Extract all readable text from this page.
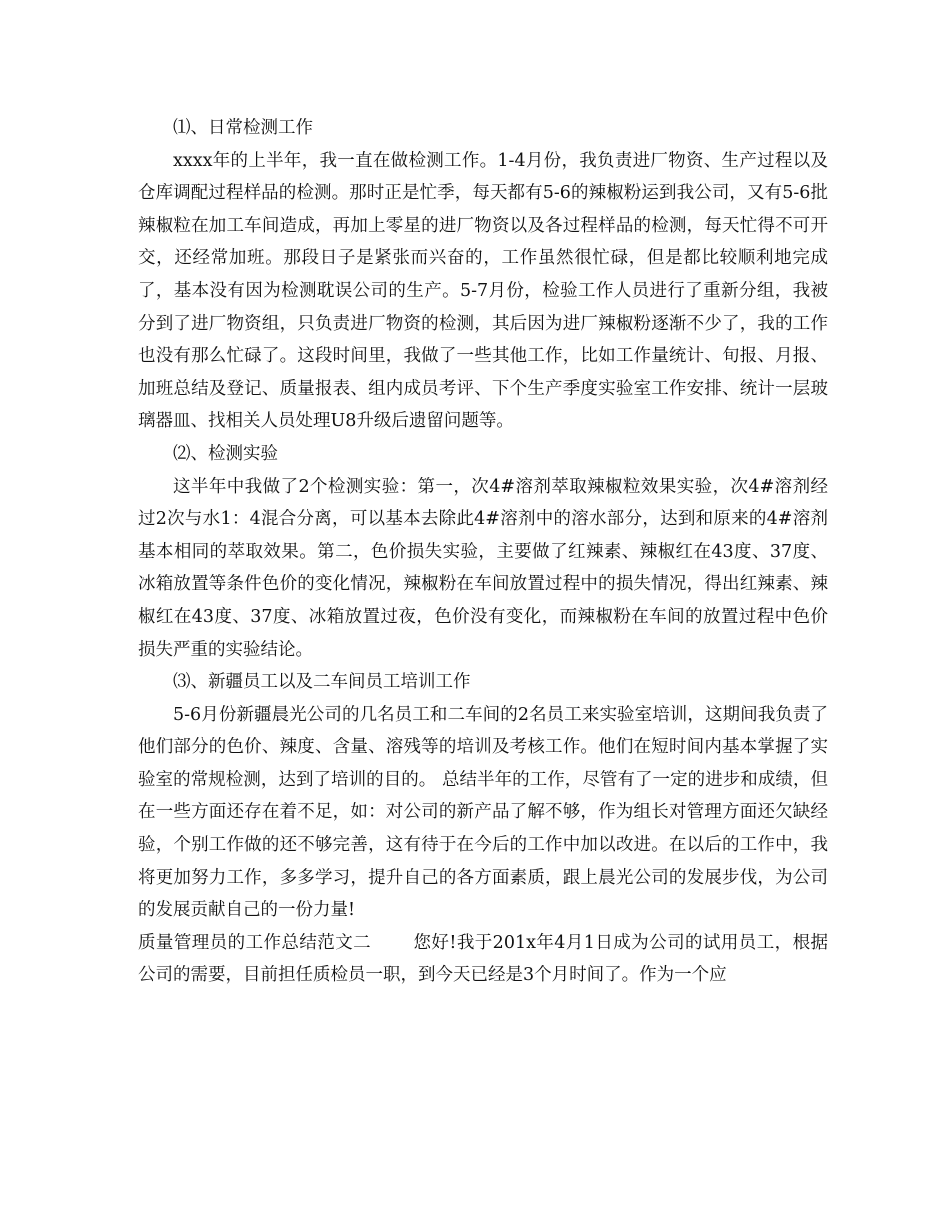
⑴、日常检测工作

xxxx年的上半年，我一直在做检测工作。1-4月份，我负责进厂物资、生产过程以及仓库调配过程样品的检测。那时正是忙季，每天都有5-6的辣椒粉运到我公司，又有5-6批辣椒粒在加工车间造成，再加上零星的进厂物资以及各过程样品的检测，每天忙得不可开交，还经常加班。那段日子是紧张而兴奋的，工作虽然很忙碌，但是都比较顺利地完成了，基本没有因为检测耽误公司的生产。5-7月份，检验工作人员进行了重新分组，我被分到了进厂物资组，只负责进厂物资的检测，其后因为进厂辣椒粉逐渐不少了，我的工作也没有那么忙碌了。这段时间里，我做了一些其他工作，比如工作量统计、旬报、月报、加班总结及登记、质量报表、组内成员考评、下个生产季度实验室工作安排、统计一层玻璃器皿、找相关人员处理U8升级后遗留问题等。

⑵、检测实验

这半年中我做了2个检测实验：第一，次4#溶剂萃取辣椒粒效果实验，次4#溶剂经过2次与水1：4混合分离，可以基本去除此4#溶剂中的溶水部分，达到和原来的4#溶剂基本相同的萃取效果。第二，色价损失实验，主要做了红辣素、辣椒红在43度、37度、冰箱放置等条件色价的变化情况，辣椒粉在车间放置过程中的损失情况，得出红辣素、辣椒红在43度、37度、冰箱放置过夜，色价没有变化，而辣椒粉在车间的放置过程中色价损失严重的实验结论。

⑶、新疆员工以及二车间员工培训工作

5-6月份新疆晨光公司的几名员工和二车间的2名员工来实验室培训，这期间我负责了他们部分的色价、辣度、含量、溶残等的培训及考核工作。他们在短时间内基本掌握了实验室的常规检测，达到了培训的目的。 总结半年的工作，尽管有了一定的进步和成绩，但在一些方面还存在着不足，如：对公司的新产品了解不够，作为组长对管理方面还欠缺经验，个别工作做的还不够完善，这有待于在今后的工作中加以改进。在以后的工作中，我将更加努力工作，多多学习，提升自己的各方面素质，跟上晨光公司的发展步伐，为公司的发展贡献自己的一份力量!

质量管理员的工作总结范文二 您好!我于201x年4月1日成为公司的试用员工，根据公司的需要，目前担任质检员一职，到今天已经是3个月时间了。作为一个应
